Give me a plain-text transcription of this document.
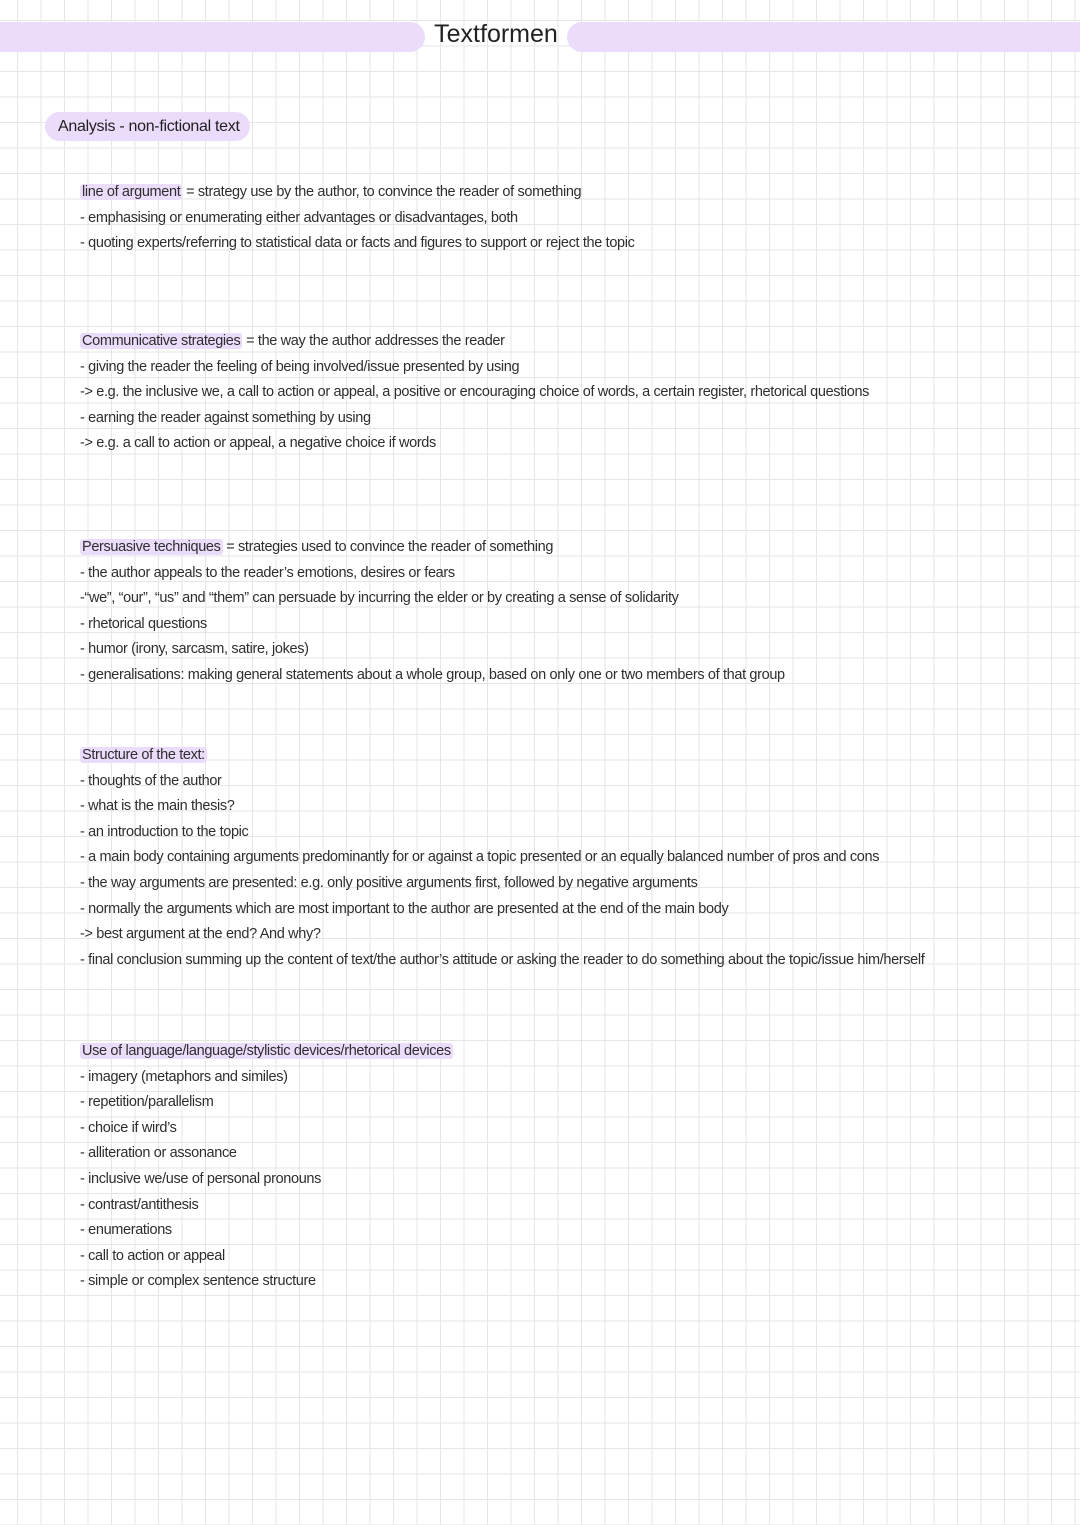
Textformen
Analysis - non-fictional text
line of argument = strategy use by the author, to convince the reader of something
- emphasising or enumerating either advantages or disadvantages, both
- quoting experts/referring to statistical data or facts and figures to support or reject the topic
Communicative strategies = the way the author addresses the reader
- giving the reader the feeling of being involved/issue presented by using
-> e.g. the inclusive we, a call to action or appeal, a positive or encouraging choice of words, a certain register, rhetorical questions
- earning the reader against something by using
-> e.g. a call to action or appeal, a negative choice if words
Persuasive techniques = strategies used to convince the reader of something
- the author appeals to the reader’s emotions, desires or fears
-“we”, “our”, “us” and “them” can persuade by incurring the elder or by creating a sense of solidarity
- rhetorical questions
- humor (irony, sarcasm, satire, jokes)
- generalisations: making general statements about a whole group, based on only one or two members of that group
Structure of the text:
- thoughts of the author
- what is the main thesis?
- an introduction to the topic
- a main body containing arguments predominantly for or against a topic presented or an equally balanced number of pros and cons
- the way arguments are presented: e.g. only positive arguments first, followed by negative arguments
- normally the arguments which are most important to the author are presented at the end of the main body
-> best argument at the end? And why?
- final conclusion summing up the content of text/the author’s attitude or asking the reader to do something about the topic/issue him/herself
Use of language/language/stylistic devices/rhetorical devices
- imagery (metaphors and similes)
- repetition/parallelism
- choice if wird’s
- alliteration or assonance
- inclusive we/use of personal pronouns
- contrast/antithesis
- enumerations
- call to action or appeal
- simple or complex sentence structure
